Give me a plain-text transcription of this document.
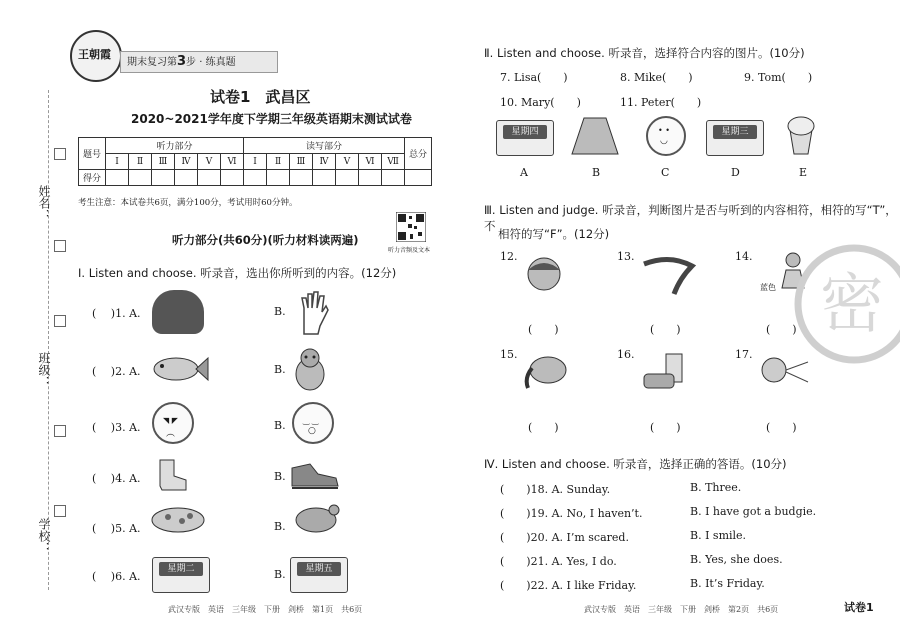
姓名：
班级：
学校：
王朝霞
期末复习第3步 · 练真题
试卷1　武昌区
2020~2021学年度下学期三年级英语期末测试试卷
题号	听力部分						读写部分							总分
	Ⅰ	Ⅱ	Ⅲ	Ⅳ	Ⅴ	Ⅵ	Ⅰ	Ⅱ	Ⅲ	Ⅳ	Ⅴ	Ⅵ	Ⅶ	
得分														
考生注意：本试卷共6页，满分100分，考试用时60分钟。
听力音频及文本
听力部分(共60分)(听力材料读两遍)
Ⅰ. Listen and choose. 听录音，选出你所听到的内容。(12分)
( 　)1. A.	B.
( 　)2. A.	B.
( 　)3. A.	B.
( 　)4. A.	B.
( 　)5. A.	B.
( 　)6. A.	B.
◥ ◤
︵
‿ ‿
○
星期二	星期五
Ⅱ. Listen and choose. 听录音，选择符合内容的图片。(10分)
7. Lisa(　　)	8. Mike(　　)	9. Tom(　　)
10. Mary(　　)	11. Peter(　　)
星期四	• •
◡
星期三
A	B	C	D	E
Ⅲ. Listen and judge. 听录音，判断图片是否与听到的内容相符，相符的写“T”，不
相符的写“F”。(12分)
12.	13.	14.
蓝色
(　　)	(　　)	(　　)
15.	16.	17.
(　　)	(　　)	(　　)
密
Ⅳ. Listen and choose. 听录音，选择正确的答语。(10分)
(　　)18. A. Sunday.	B. Three.
(　　)19. A. No, I haven’t.	B. I have got a budgie.
(　　)20. A. I’m scared.	B. I smile.
(　　)21. A. Yes, I do.	B. Yes, she does.
(　　)22. A. I like Friday.	B. It’s Friday.
武汉专版　英语　三年级　下册　剑桥　第1页　共6页	武汉专版　英语　三年级　下册　剑桥　第2页　共6页	试卷1
